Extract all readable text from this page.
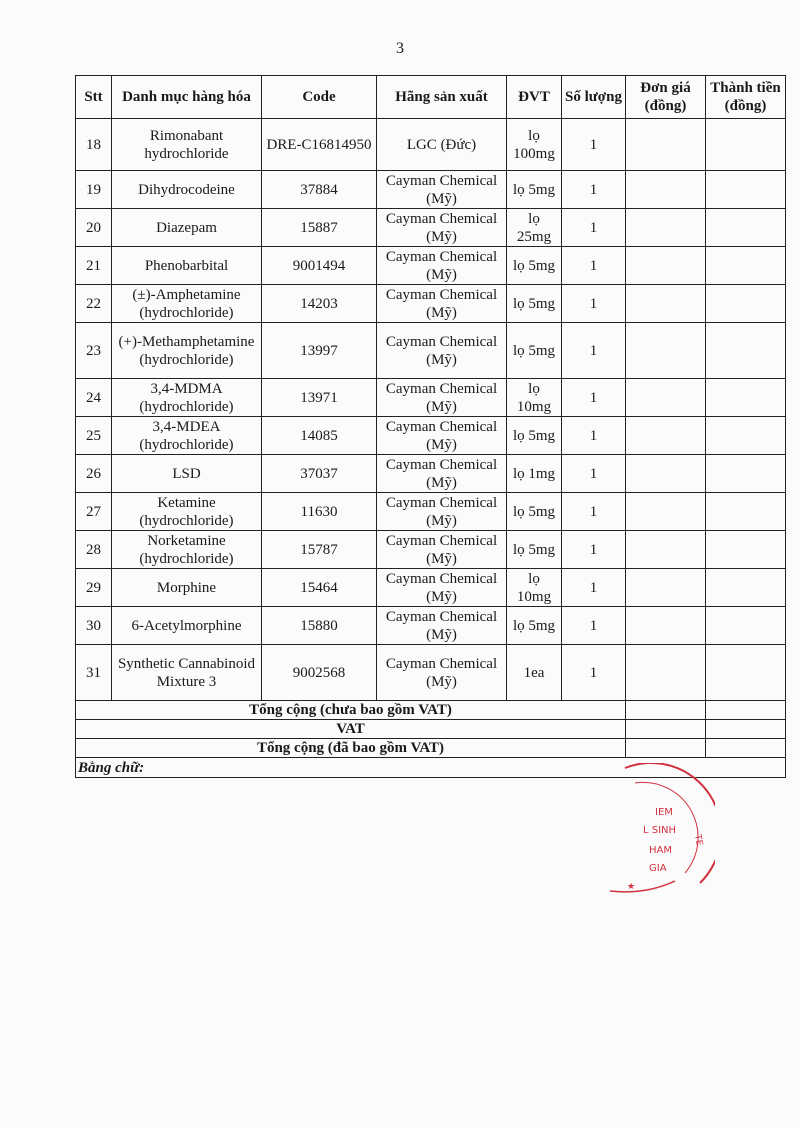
3
Stt	Danh mục hàng hóa	Code	Hãng sản xuất	ĐVT	Số lượng	Đơn giá (đồng)	Thành tiền (đồng)
18	Rimonabant hydrochloride	DRE-C16814950	LGC (Đức)	lọ 100mg	1		
19	Dihydrocodeine	37884	Cayman Chemical (Mỹ)	lọ 5mg	1		
20	Diazepam	15887	Cayman Chemical (Mỹ)	lọ 25mg	1		
21	Phenobarbital	9001494	Cayman Chemical (Mỹ)	lọ 5mg	1		
22	(±)-Amphetamine (hydrochloride)	14203	Cayman Chemical (Mỹ)	lọ 5mg	1		
23	(+)-Methamphetamine (hydrochloride)	13997	Cayman Chemical (Mỹ)	lọ 5mg	1		
24	3,4-MDMA (hydrochloride)	13971	Cayman Chemical (Mỹ)	lọ 10mg	1		
25	3,4-MDEA (hydrochloride)	14085	Cayman Chemical (Mỹ)	lọ 5mg	1		
26	LSD	37037	Cayman Chemical (Mỹ)	lọ 1mg	1		
27	Ketamine (hydrochloride)	11630	Cayman Chemical (Mỹ)	lọ 5mg	1		
28	Norketamine (hydrochloride)	15787	Cayman Chemical (Mỹ)	lọ 5mg	1		
29	Morphine	15464	Cayman Chemical (Mỹ)	lọ 10mg	1		
30	6-Acetylmorphine	15880	Cayman Chemical (Mỹ)	lọ 5mg	1		
31	Synthetic Cannabinoid Mixture 3	9002568	Cayman Chemical (Mỹ)	1ea	1		
Tổng cộng (chưa bao gồm VAT)							
VAT							
Tổng cộng (đã bao gồm VAT)							
Bằng chữ:							
IEM
L SINH
HAM
GIA
TE
★
